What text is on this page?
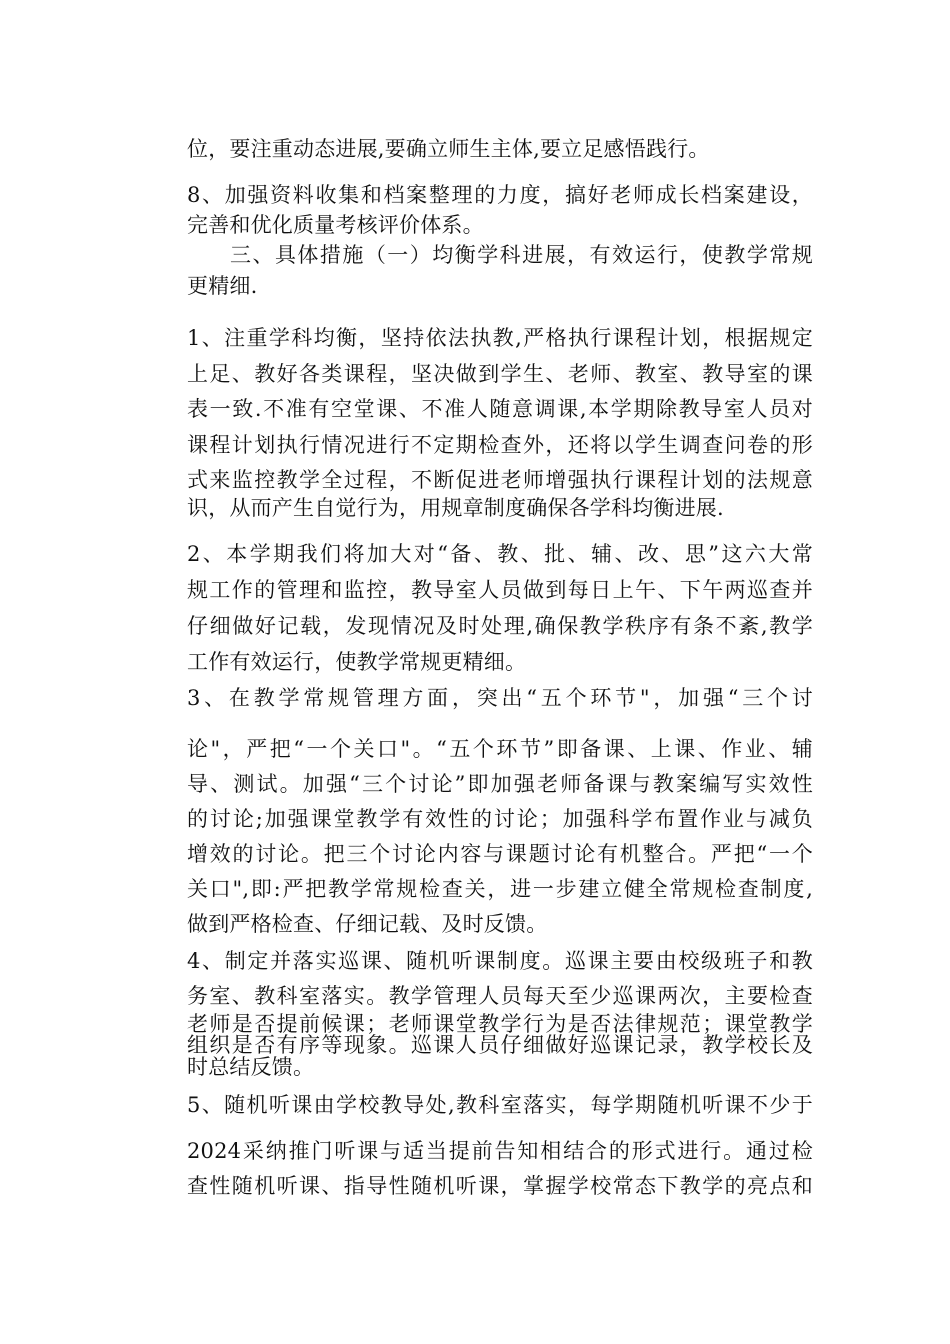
位，要注重动态进展,要确立师生主体,要立足感悟践行。
8、加强资料收集和档案整理的力度，搞好老师成长档案建设，
完善和优化质量考核评价体系。
三、具体措施（一）均衡学科进展，有效运行，使教学常规
更精细.
1、注重学科均衡，坚持依法执教,严格执行课程计划，根据规定
上足、教好各类课程，坚决做到学生、老师、教室、教导室的课
表一致.不准有空堂课、不准人随意调课,本学期除教导室人员对
课程计划执行情况进行不定期检查外，还将以学生调查问卷的形
式来监控教学全过程，不断促进老师增强执行课程计划的法规意
识，从而产生自觉行为，用规章制度确保各学科均衡进展.
2、本学期我们将加大对“备、教、批、辅、改、思”这六大常
规工作的管理和监控，教导室人员做到每日上午、下午两巡查并
仔细做好记载，发现情况及时处理,确保教学秩序有条不紊,教学
工作有效运行，使教学常规更精细。
3、在教学常规管理方面，突出“五个环节"，加强“三个讨
论"，严把“一个关口"。“五个环节”即备课、上课、作业、辅
导、测试。加强“三个讨论”即加强老师备课与教案编写实效性
的讨论;加强课堂教学有效性的讨论；加强科学布置作业与减负
增效的讨论。把三个讨论内容与课题讨论有机整合。严把“一个
关口",即:严把教学常规检查关，进一步建立健全常规检查制度,
做到严格检查、仔细记载、及时反馈。
4、制定并落实巡课、随机听课制度。巡课主要由校级班子和教
务室、教科室落实。教学管理人员每天至少巡课两次，主要检查
老师是否提前候课；老师课堂教学行为是否法律规范；课堂教学
组织是否有序等现象。巡课人员仔细做好巡课记录，教学校长及
时总结反馈。
5、随机听课由学校教导处,教科室落实，每学期随机听课不少于
2024采纳推门听课与适当提前告知相结合的形式进行。通过检
查性随机听课、指导性随机听课，掌握学校常态下教学的亮点和
